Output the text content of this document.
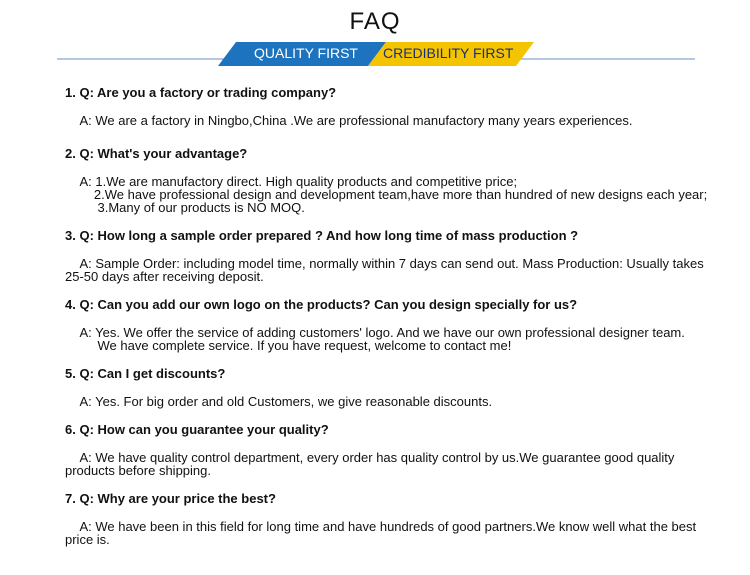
FAQ
QUALITY FIRST CREDIBILITY FIRST
1. Q: Are you a factory or trading company?
A: We are a factory in Ningbo,China .We are professional manufactory many years experiences.
2. Q: What's your advantage?
A: 1.We are manufactory direct. High quality products and competitive price;
2.We have professional design and development team,have more than hundred of new designs each year;
3.Many of our products is NO MOQ.
3. Q: How long a sample order prepared ? And how long time of mass production ?
A: Sample Order: including model time, normally within 7 days can send out. Mass Production: Usually takes 25-50 days after receiving deposit.
4. Q: Can you add our own logo on the products? Can you design specially for us?
A: Yes. We offer the service of adding customers' logo. And we have our own professional designer team.
We have complete service. If you have request, welcome to contact me!
5. Q: Can I get discounts?
A: Yes. For big order and old Customers, we give reasonable discounts.
6. Q: How can you guarantee your quality?
A: We have quality control department, every order has quality control by us.We guarantee good quality products before shipping.
7. Q: Why are your price the best?
A: We have been in this field for long time and have hundreds of good partners.We know well what the best price is.
